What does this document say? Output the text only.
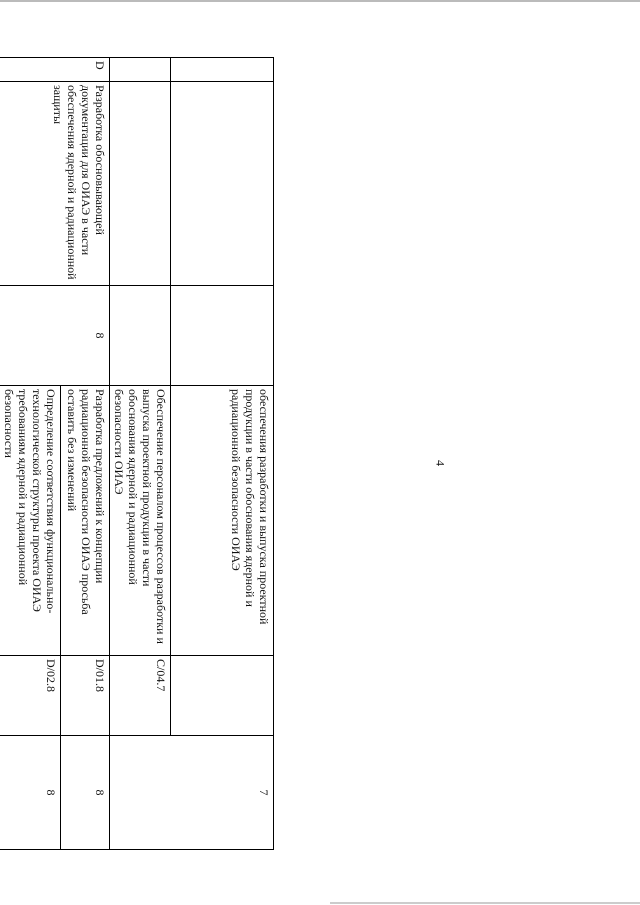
4
			обеспечения разработки и выпуска проектной продукции в части обоснования ядерной и радиационной безопасности ОИАЭ		7
			Обеспечение персоналом процессов разработки и выпуска проектной продукции в части обоснования ядерной и радиационной безопасности ОИАЭ	C/04.7	
D	Разработка обосновывающей документации для ОИАЭ в части обеспечения ядерной и радиационной защиты	8	Разработка предложений к концепции радиационной безопасности ОИАЭ просьба оставить без изменений	D/01.8	8
			Определение соответствия функционально-технологической структуры проекта ОИАЭ требованиям ядерной и радиационной безопасности	D/02.8	8
